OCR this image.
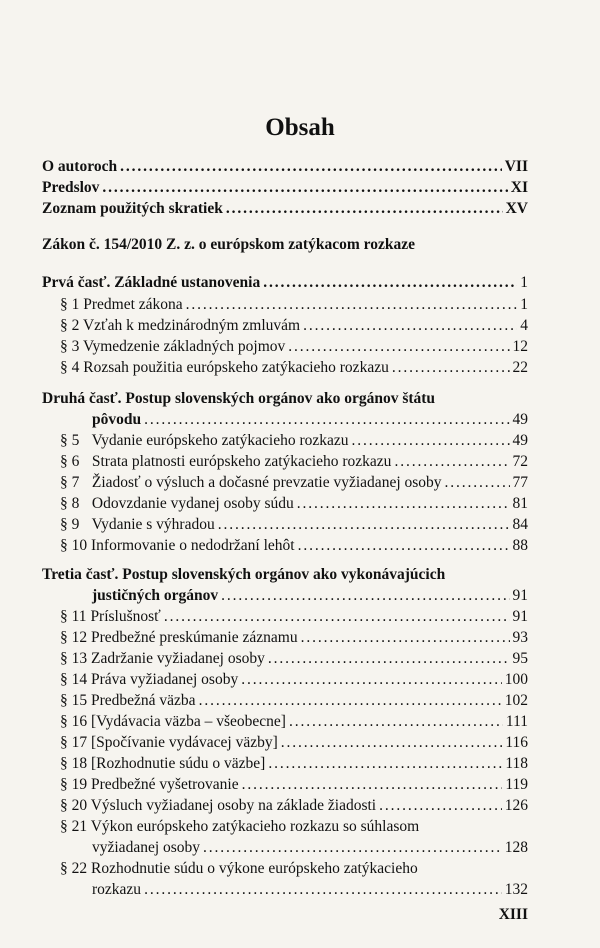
Obsah
O autoroch . . .	VII
Predslov . . .	XI
Zoznam použitých skratiek . . .	XV
Zákon č. 154/2010 Z. z. o európskom zatýkacom rozkaze
Prvá časť. Základné ustanovenia . . .	1
§ 1 Predmet zákona . . .	1
§ 2 Vzťah k medzinárodným zmluvám . . .	4
§ 3 Vymedzenie základných pojmov . . .	12
§ 4 Rozsah použitia európskeho zatýkacieho rozkazu . . .	22
Druhá časť. Postup slovenských orgánov ako orgánov štátu
pôvodu . . .	49
§ 5 Vydanie európskeho zatýkacieho rozkazu . . .	49
§ 6 Strata platnosti európskeho zatýkacieho rozkazu . . .	72
§ 7 Žiadosť o výsluch a dočasné prevzatie vyžiadanej osoby . . .	77
§ 8 Odovzdanie vydanej osoby súdu . . .	81
§ 9 Vydanie s výhradou . . .	84
§ 10 Informovanie o nedodržaní lehôt . . .	88
Tretia časť. Postup slovenských orgánov ako vykonávajúcich
justičných orgánov . . .	91
§ 11 Príslušnosť . . .	91
§ 12 Predbežné preskúmanie záznamu . . .	93
§ 13 Zadržanie vyžiadanej osoby . . .	95
§ 14 Práva vyžiadanej osoby . . .	100
§ 15 Predbežná väzba . . .	102
§ 16 [Vydávacia väzba – všeobecne] . . .	111
§ 17 [Spočívanie vydávacej väzby] . . .	116
§ 18 [Rozhodnutie súdu o väzbe] . . .	118
§ 19 Predbežné vyšetrovanie . . .	119
§ 20 Výsluch vyžiadanej osoby na základe žiadosti . . .	126
§ 21 Výkon európskeho zatýkacieho rozkazu so súhlasom
vyžiadanej osoby . . .	128
§ 22 Rozhodnutie súdu o výkone európskeho zatýkacieho
rozkazu . . .	132
XIII
